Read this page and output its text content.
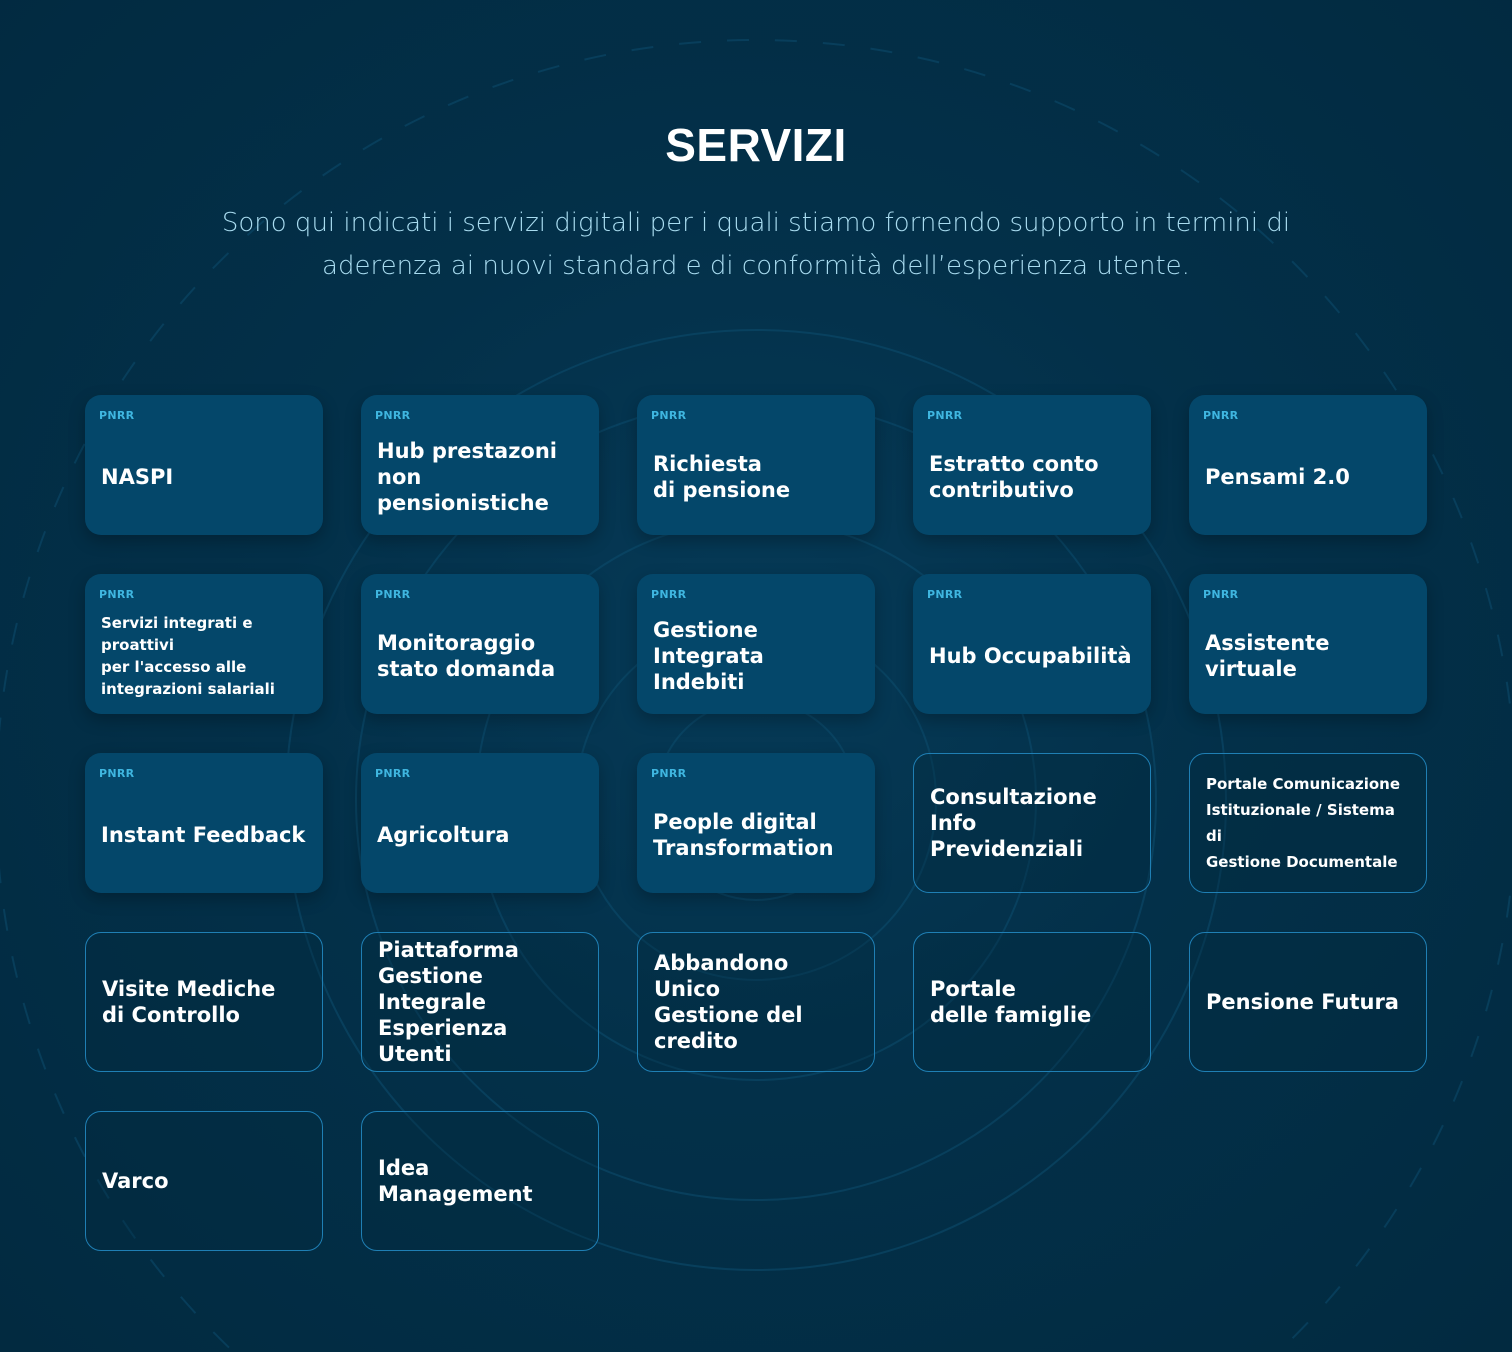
SERVIZI

Sono qui indicati i servizi digitali per i quali stiamo fornendo supporto in termini di aderenza ai nuovi standard e di conformità dell’esperienza utente.

PNRR
NASPI
PNRR
Hub prestazoni
non pensionistiche
PNRR
Richiesta
di pensione
PNRR
Estratto conto
contributivo
PNRR
Pensami 2.0
PNRR
Servizi integrati e proattivi
per l'accesso alle
integrazioni salariali
PNRR
Monitoraggio
stato domanda
PNRR
Gestione Integrata
Indebiti
PNRR
Hub Occupabilità
PNRR
Assistente virtuale
PNRR
Instant Feedback
PNRR
Agricoltura
PNRR
People digital
Transformation
Consultazione
Info Previdenziali
Portale Comunicazione
Istituzionale / Sistema di
Gestione Documentale
Visite Mediche
di Controllo
Piattaforma
Gestione Integrale
Esperienza Utenti
Abbandono Unico
Gestione del
credito
Portale
delle famiglie
Pensione Futura
Varco
Idea Management
